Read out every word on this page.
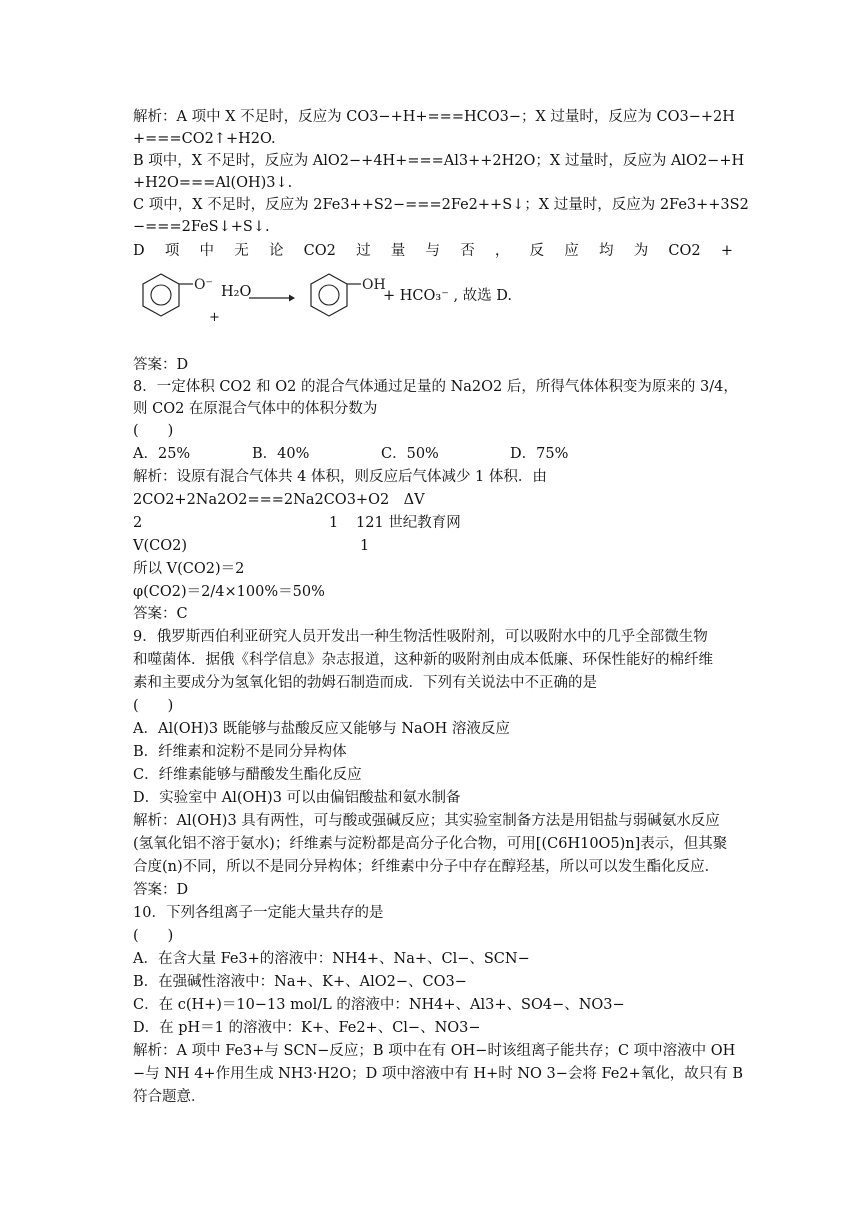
解析：A 项中 X 不足时，反应为 CO3−+H+===HCO3−；X 过量时，反应为 CO3−+2H
+===CO2↑+H2O.
B 项中，X 不足时，反应为 AlO2−+4H+===Al3++2H2O；X 过量时，反应为 AlO2−+H
+H2O===Al(OH)3↓.
C 项中，X 不足时，反应为 2Fe3++S2−===2Fe2++S↓；X 过量时，反应为 2Fe3++3S2
−===2FeS↓+S↓.
D 项 中 无 论 CO2 过 量 与 否 ， 反 应 均 为 CO2 +
O⁻
+
H₂O	OH
+ HCO₃⁻ , 故选 D.
答案：D
8．一定体积 CO2 和 O2 的混合气体通过足量的 Na2O2 后，所得气体体积变为原来的 3/4，
则 CO2 在原混合气体中的体积分数为
(　　)
A．25%	B．40%	C．50%	D．75%
解析：设原有混合气体共 4 体积，则反应后气体减少 1 体积．由
2CO2+2Na2O2===2Na2CO3+O2　ΔV
2	1 121 世纪教育网
V(CO2)	1
所以 V(CO2)＝2
φ(CO2)＝2/4×100%＝50%
答案：C
9．俄罗斯西伯利亚研究人员开发出一种生物活性吸附剂，可以吸附水中的几乎全部微生物
和噬菌体．据俄《科学信息》杂志报道，这种新的吸附剂由成本低廉、环保性能好的棉纤维
素和主要成分为氢氧化铝的勃姆石制造而成．下列有关说法中不正确的是
(　　)
A．Al(OH)3 既能够与盐酸反应又能够与 NaOH 溶液反应
B．纤维素和淀粉不是同分异构体
C．纤维素能够与醋酸发生酯化反应
D．实验室中 Al(OH)3 可以由偏铝酸盐和氨水制备
解析：Al(OH)3 具有两性，可与酸或强碱反应；其实验室制备方法是用铝盐与弱碱氨水反应
(氢氧化铝不溶于氨水)；纤维素与淀粉都是高分子化合物，可用[(C6H10O5)n]表示，但其聚
合度(n)不同，所以不是同分异构体；纤维素中分子中存在醇羟基，所以可以发生酯化反应．
答案：D
10．下列各组离子一定能大量共存的是
(　　)
A．在含大量 Fe3+的溶液中：NH4+、Na+、Cl−、SCN−
B．在强碱性溶液中：Na+、K+、AlO2−、CO3−
C．在 c(H+)＝10−13 mol/L 的溶液中：NH4+、Al3+、SO4−、NO3−
D．在 pH＝1 的溶液中：K+、Fe2+、Cl−、NO3−
解析：A 项中 Fe3+与 SCN−反应；B 项中在有 OH−时该组离子能共存；C 项中溶液中 OH
−与 NH 4+作用生成 NH3·H2O；D 项中溶液中有 H+时 NO 3−会将 Fe2+氧化，故只有 B
符合题意．
